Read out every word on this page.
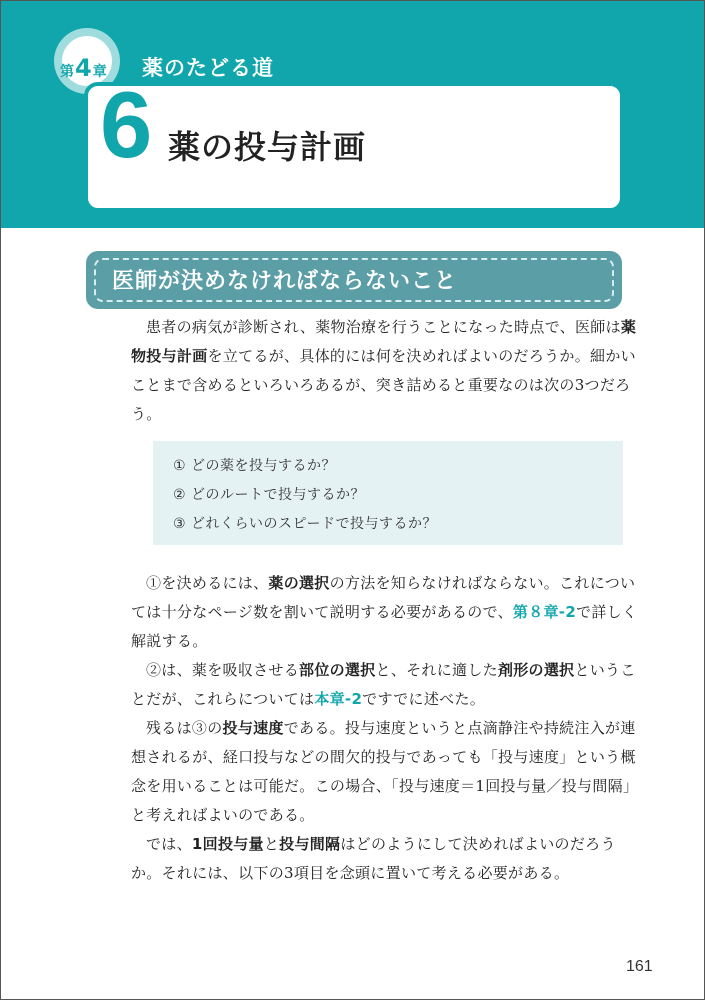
第 4 章 薬のたどる道
6 薬の投与計画
医師が決めなければならないこと

患者の病気が診断され、薬物治療を行うことになった時点で、医師は薬物投与計画を立てるが、具体的には何を決めればよいのだろうか。細かいことまで含めるといろいろあるが、突き詰めると重要なのは次の3つだろう。

① どの薬を投与するか？
② どのルートで投与するか？
③ どれくらいのスピードで投与するか？

①を決めるには、薬の選択の方法を知らなければならない。これについては十分なページ数を割いて説明する必要があるので、第８章-2で詳しく解説する。

②は、薬を吸収させる部位の選択と、それに適した剤形の選択ということだが、これらについては本章-2ですでに述べた。

残るは③の投与速度である。投与速度というと点滴静注や持続注入が連想されるが、経口投与などの間欠的投与であっても「投与速度」という概念を用いることは可能だ。この場合、「投与速度＝1回投与量／投与間隔」と考えればよいのである。

では、1回投与量と投与間隔はどのようにして決めればよいのだろうか。それには、以下の3項目を念頭に置いて考える必要がある。

161
